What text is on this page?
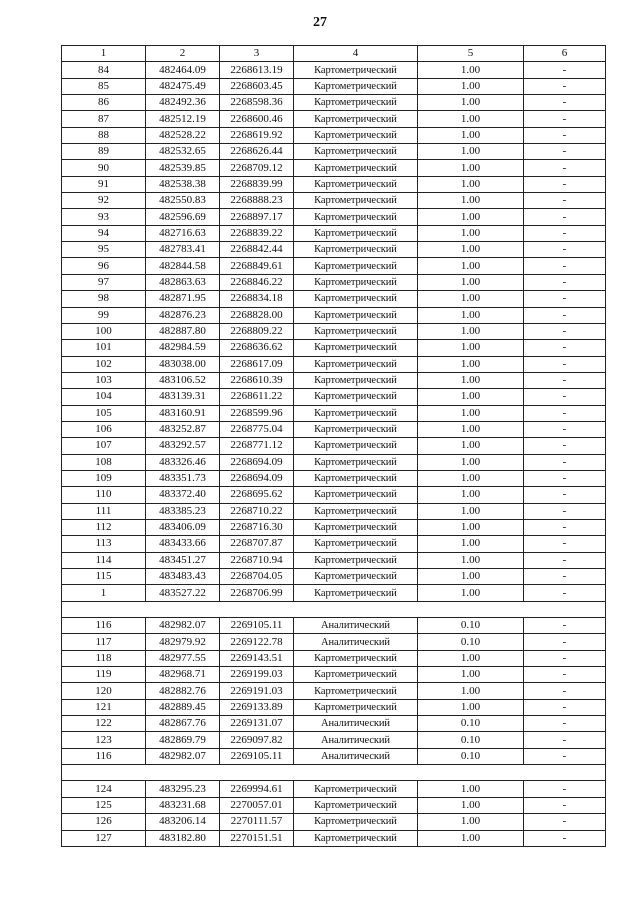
27
1	2	3	4	5	6
84	482464.09	2268613.19	Картометрический	1.00	-
85	482475.49	2268603.45	Картометрический	1.00	-
86	482492.36	2268598.36	Картометрический	1.00	-
87	482512.19	2268600.46	Картометрический	1.00	-
88	482528.22	2268619.92	Картометрический	1.00	-
89	482532.65	2268626.44	Картометрический	1.00	-
90	482539.85	2268709.12	Картометрический	1.00	-
91	482538.38	2268839.99	Картометрический	1.00	-
92	482550.83	2268888.23	Картометрический	1.00	-
93	482596.69	2268897.17	Картометрический	1.00	-
94	482716.63	2268839.22	Картометрический	1.00	-
95	482783.41	2268842.44	Картометрический	1.00	-
96	482844.58	2268849.61	Картометрический	1.00	-
97	482863.63	2268846.22	Картометрический	1.00	-
98	482871.95	2268834.18	Картометрический	1.00	-
99	482876.23	2268828.00	Картометрический	1.00	-
100	482887.80	2268809.22	Картометрический	1.00	-
101	482984.59	2268636.62	Картометрический	1.00	-
102	483038.00	2268617.09	Картометрический	1.00	-
103	483106.52	2268610.39	Картометрический	1.00	-
104	483139.31	2268611.22	Картометрический	1.00	-
105	483160.91	2268599.96	Картометрический	1.00	-
106	483252.87	2268775.04	Картометрический	1.00	-
107	483292.57	2268771.12	Картометрический	1.00	-
108	483326.46	2268694.09	Картометрический	1.00	-
109	483351.73	2268694.09	Картометрический	1.00	-
110	483372.40	2268695.62	Картометрический	1.00	-
111	483385.23	2268710.22	Картометрический	1.00	-
112	483406.09	2268716.30	Картометрический	1.00	-
113	483433.66	2268707.87	Картометрический	1.00	-
114	483451.27	2268710.94	Картометрический	1.00	-
115	483483.43	2268704.05	Картометрический	1.00	-
1	483527.22	2268706.99	Картометрический	1.00	-

116	482982.07	2269105.11	Аналитический	0.10	-
117	482979.92	2269122.78	Аналитический	0.10	-
118	482977.55	2269143.51	Картометрический	1.00	-
119	482968.71	2269199.03	Картометрический	1.00	-
120	482882.76	2269191.03	Картометрический	1.00	-
121	482889.45	2269133.89	Картометрический	1.00	-
122	482867.76	2269131.07	Аналитический	0.10	-
123	482869.79	2269097.82	Аналитический	0.10	-
116	482982.07	2269105.11	Аналитический	0.10	-

124	483295.23	2269994.61	Картометрический	1.00	-
125	483231.68	2270057.01	Картометрический	1.00	-
126	483206.14	2270111.57	Картометрический	1.00	-
127	483182.80	2270151.51	Картометрический	1.00	-
